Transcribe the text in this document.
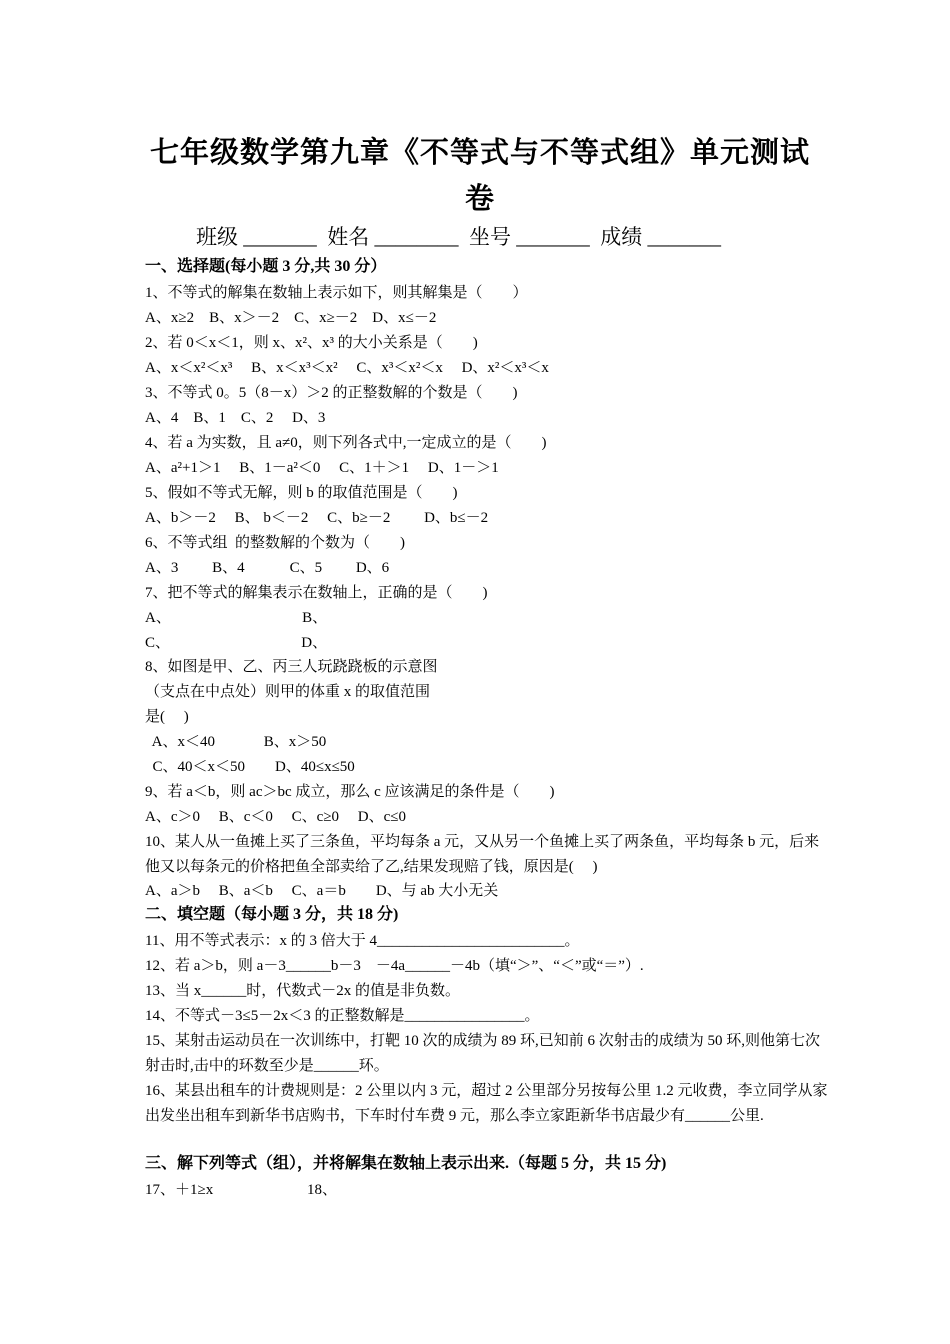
七年级数学第九章《不等式与不等式组》单元测试
卷
班级 _______  姓名 ________  坐号 _______  成绩 _______
一、选择题(每小题 3 分,共 30 分）
1、不等式的解集在数轴上表示如下，则其解集是（　　）
A、x≥2　B、x＞－2　C、x≥－2　D、x≤－2
2、若 0＜x＜1，则 x、x²、x³ 的大小关系是（　　)
A、x＜x²＜x³　 B、x＜x³＜x²　 C、x³＜x²＜x　 D、x²＜x³＜x
3、不等式 0。5（8－x）＞2 的正整数解的个数是（　　)
A、4　B、1　C、2　 D、3
4、若 a 为实数，且 a≠0，则下列各式中,一定成立的是（　　)
A、a²+1＞1　 B、1－a²＜0　 C、1＋＞1　 D、1－＞1
5、假如不等式无解，则 b 的取值范围是（　　)
A、b＞－2　 B、 b＜－2　 C、b≥－2　　 D、b≤－2
6、不等式组  的整数解的个数为（　　)
A、3　　 B、4　　　C、5　　 D、6
7、把不等式的解集表示在数轴上，正确的是（　　)
A、　　　　　　　　　 B、
C、　　　　　　　　　 D、
8、如图是甲、乙、丙三人玩跷跷板的示意图
（支点在中点处）则甲的体重 x 的取值范围
是(　 )
A、x＜40　　　 B、x＞50
C、40＜x＜50　　D、40≤x≤50
9、若 a＜b，则 ac＞bc 成立，那么 c 应该满足的条件是（　　)
A、c＞0　 B、c＜0　 C、c≥0　 D、c≤0
10、某人从一鱼摊上买了三条鱼，平均每条 a 元，又从另一个鱼摊上买了两条鱼，平均每条 b 元，后来他又以每条元的价格把鱼全部卖给了乙,结果发现赔了钱，原因是(　 )
A、a＞b　 B、a＜b　 C、a＝b　　D、与 ab 大小无关
二、填空题（每小题 3 分，共 18 分)
11、用不等式表示：x 的 3 倍大于 4_________________________。
12、若 a＞b，则 a－3______b－3　－4a______－4b（填“＞”、“＜”或“＝”）.
13、当 x______时，代数式－2x 的值是非负数。
14、不等式－3≤5－2x＜3 的正整数解是________________。
15、某射击运动员在一次训练中，打靶 10 次的成绩为 89 环,已知前 6 次射击的成绩为 50 环,则他第七次射击时,击中的环数至少是______环。
16、某县出租车的计费规则是：2 公里以内 3 元，超过 2 公里部分另按每公里 1.2 元收费，李立同学从家出发坐出租车到新华书店购书，下车时付车费 9 元，那么李立家距新华书店最少有______公里.
三、解下列等式（组），并将解集在数轴上表示出来.（每题 5 分，共 15 分)
17、＋1≥x　　　　　　 18、
